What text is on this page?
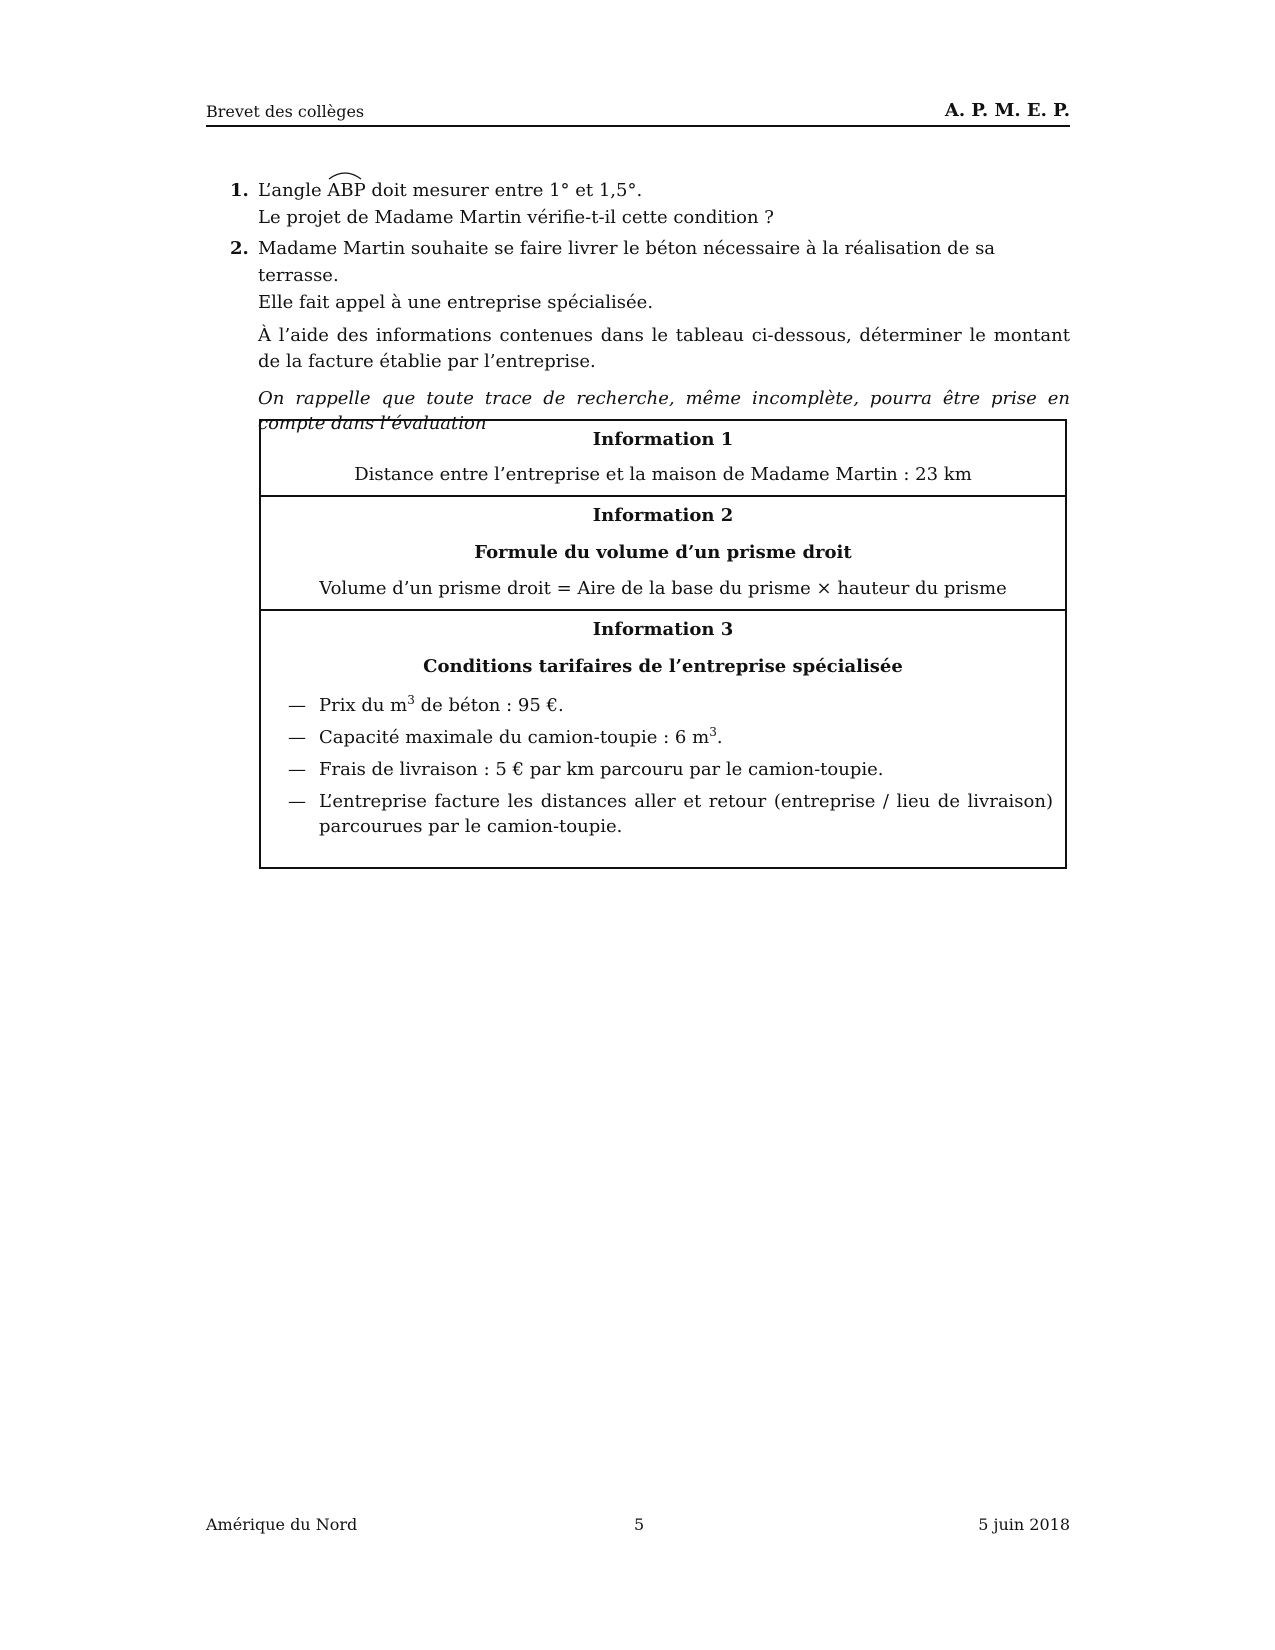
Brevet des collèges	A. P. M. E. P.
1. L’angle
ABP doit mesurer entre 1° et 1,5°.

Le projet de Madame Martin vérifie-t-il cette condition ?

2. Madame Martin souhaite se faire livrer le béton nécessaire à la réalisation de sa terrasse.

Elle fait appel à une entreprise spécialisée.

À l’aide des informations contenues dans le tableau ci-dessous, déterminer le montant de la facture établie par l’entreprise.

On rappelle que toute trace de recherche, même incomplète, pourra être prise en compte dans l’évaluation

Information 1
Distance entre l’entreprise et la maison de Madame Martin : 23 km
Information 2
Formule du volume d’un prisme droit
Volume d’un prisme droit = Aire de la base du prisme × hauteur du prisme
Information 3
Conditions tarifaires de l’entreprise spécialisée
— Prix du $m^3$ de béton : 95 €.
— Capacité maximale du camion-toupie : 6 $m^3$.
— Frais de livraison : 5 € par km parcouru par le camion-toupie.
— L’entreprise facture les distances aller et retour (entreprise / lieu de livraison) parcourues par le camion-toupie.
Amérique du Nord	5	5 juin 2018
